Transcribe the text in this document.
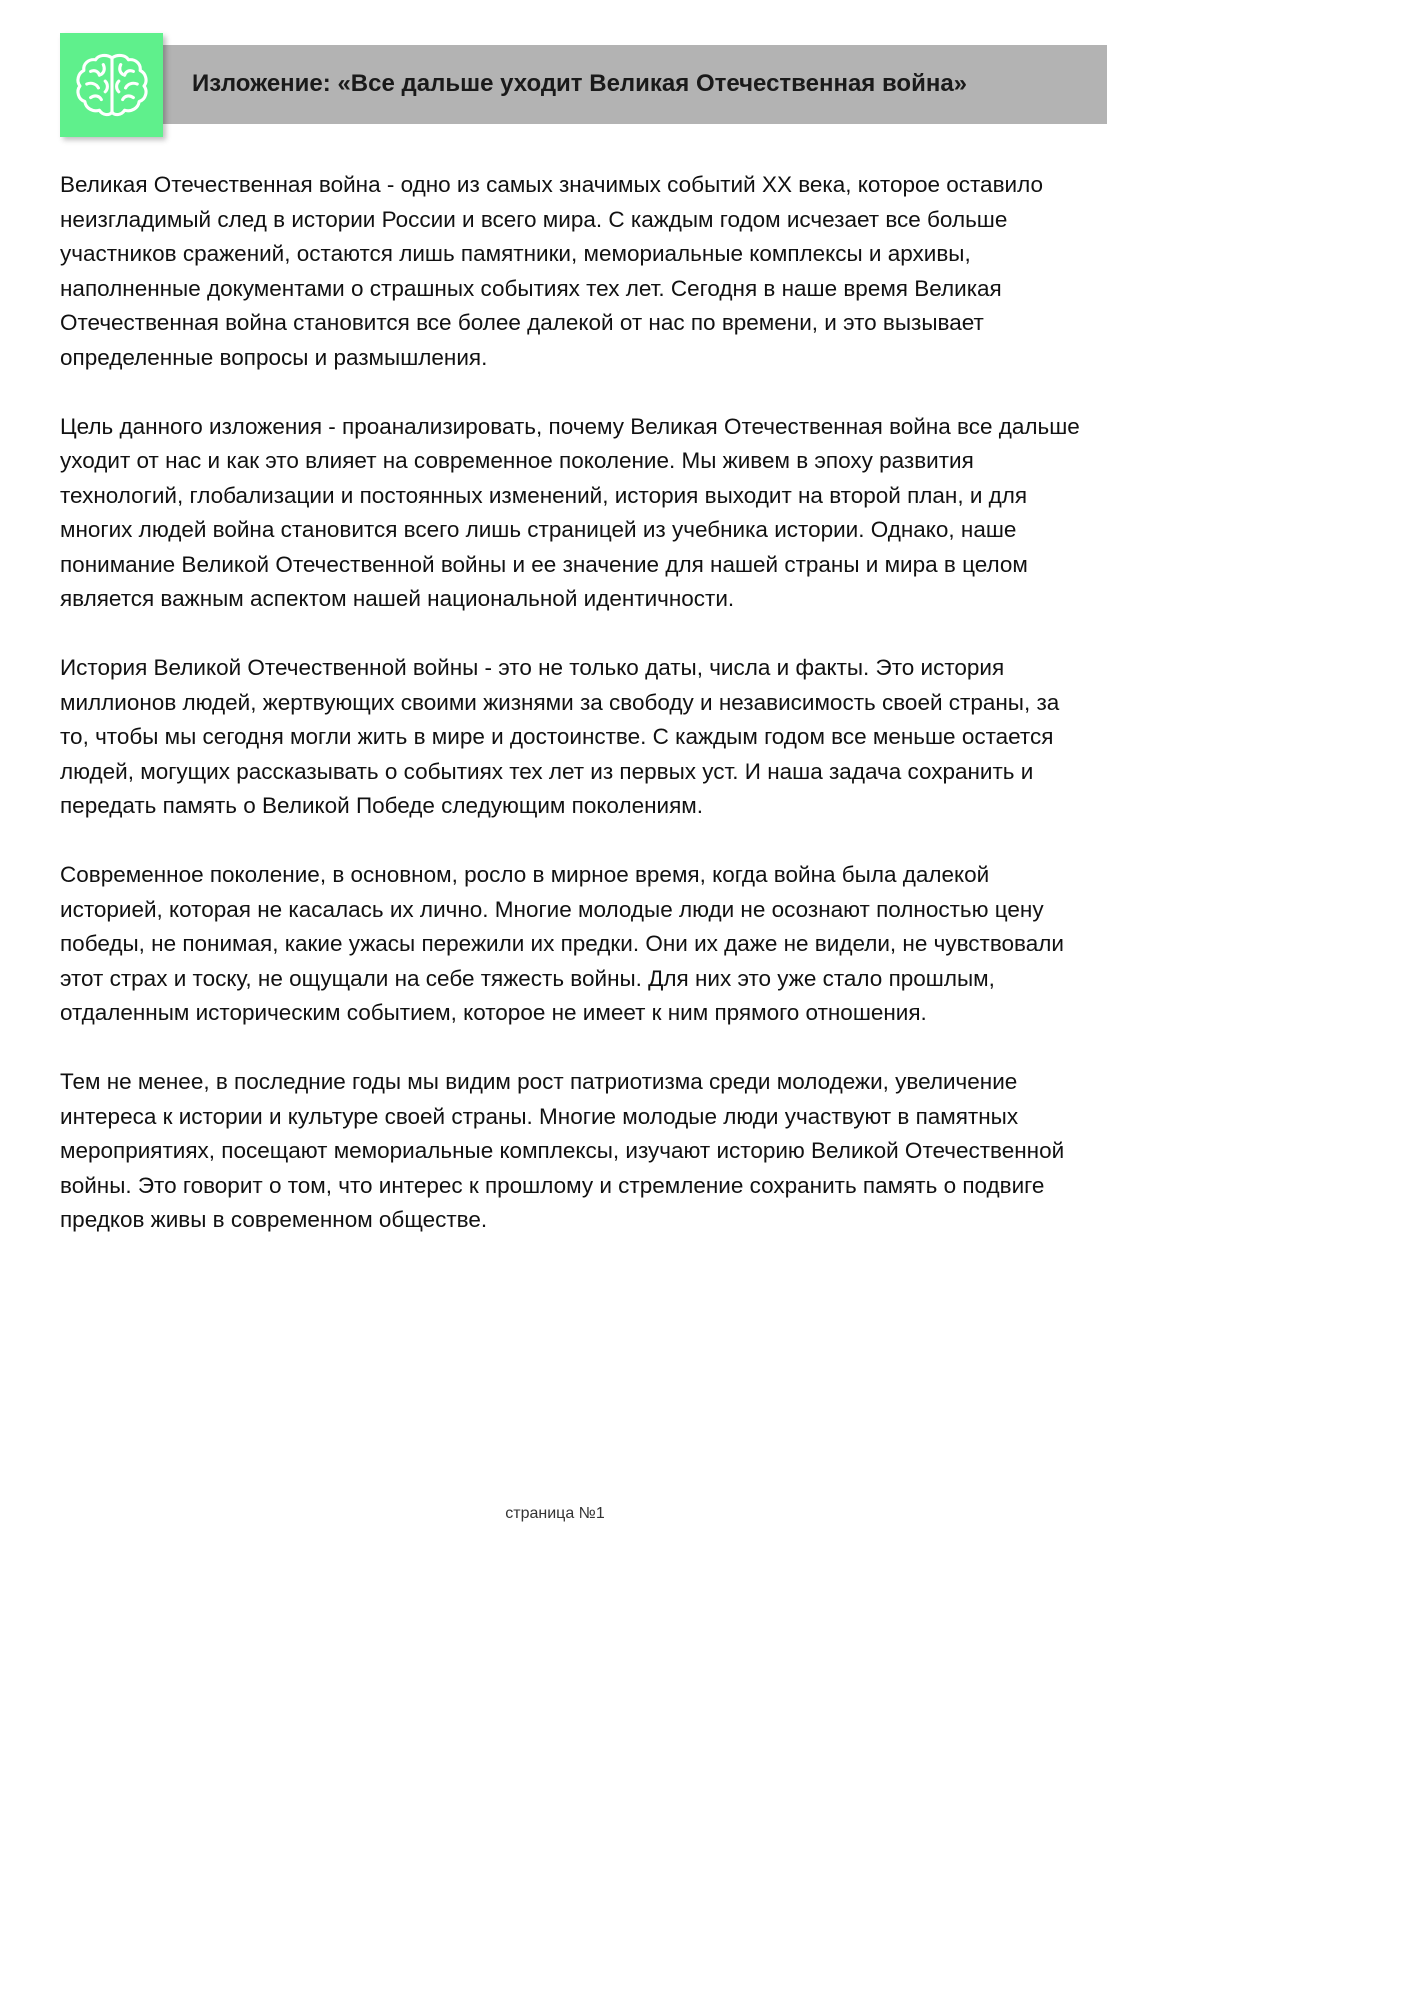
Изложение: «Все дальше уходит Великая Отечественная война»

Великая Отечественная война - одно из самых значимых событий XX века, которое оставило неизгладимый след в истории России и всего мира. С каждым годом исчезает все больше участников сражений, остаются лишь памятники, мемориальные комплексы и архивы, наполненные документами о страшных событиях тех лет. Сегодня в наше время Великая Отечественная война становится все более далекой от нас по времени, и это вызывает определенные вопросы и размышления.

Цель данного изложения - проанализировать, почему Великая Отечественная война все дальше уходит от нас и как это влияет на современное поколение. Мы живем в эпоху развития технологий, глобализации и постоянных изменений, история выходит на второй план, и для многих людей война становится всего лишь страницей из учебника истории. Однако, наше понимание Великой Отечественной войны и ее значение для нашей страны и мира в целом является важным аспектом нашей национальной идентичности.

История Великой Отечественной войны - это не только даты, числа и факты. Это история миллионов людей, жертвующих своими жизнями за свободу и независимость своей страны, за то, чтобы мы сегодня могли жить в мире и достоинстве. С каждым годом все меньше остается людей, могущих рассказывать о событиях тех лет из первых уст. И наша задача сохранить и передать память о Великой Победе следующим поколениям.

Современное поколение, в основном, росло в мирное время, когда война была далекой историей, которая не касалась их лично. Многие молодые люди не осознают полностью цену победы, не понимая, какие ужасы пережили их предки. Они их даже не видели, не чувствовали этот страх и тоску, не ощущали на себе тяжесть войны. Для них это уже стало прошлым, отдаленным историческим событием, которое не имеет к ним прямого отношения.

Тем не менее, в последние годы мы видим рост патриотизма среди молодежи, увеличение интереса к истории и культуре своей страны. Многие молодые люди участвуют в памятных мероприятиях, посещают мемориальные комплексы, изучают историю Великой Отечественной войны. Это говорит о том, что интерес к прошлому и стремление сохранить память о подвиге предков живы в современном обществе.

страница №1
